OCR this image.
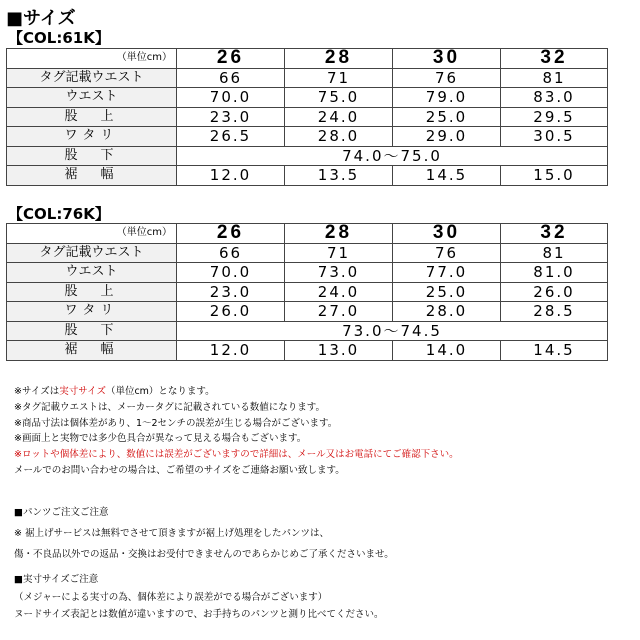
■サイズ
【COL:61K】
（単位cm）	26	28	30	32
タグ記載ウエスト	66	71	76	81
ウエスト	70.0	75.0	79.0	83.0
股　上	23.0	24.0	25.0	29.5
ワタリ	26.5	28.0	29.0	30.5
股　下	74.0～75.0			
裾　幅	12.0	13.5	14.5	15.0
【COL:76K】
（単位cm）	26	28	30	32
タグ記載ウエスト	66	71	76	81
ウエスト	70.0	73.0	77.0	81.0
股　上	23.0	24.0	25.0	26.0
ワタリ	26.0	27.0	28.0	28.5
股　下	73.0～74.5			
裾　幅	12.0	13.0	14.0	14.5
※サイズは実寸サイズ（単位cm）となります。
※タグ記載ウエストは、メーカータグに記載されている数値になります。
※商品寸法は個体差があり、1～2センチの誤差が生じる場合がございます。
※画面上と実物では多少色具合が異なって見える場合もございます。
※ロットや個体差により、数値には誤差がございますので詳細は、メール又はお電話にてご確認下さい。
メールでのお問い合わせの場合は、ご希望のサイズをご連絡お願い致します。
■パンツご注文ご注意
※ 裾上げサービスは無料でさせて頂きますが裾上げ処理をしたパンツは、
傷・不良品以外での返品・交換はお受付できませんのであらかじめご了承くださいませ。
■実寸サイズご注意
（メジャーによる実寸の為、個体差により誤差がでる場合がございます）
ヌードサイズ表記とは数値が違いますので、お手持ちのパンツと測り比べてください。
